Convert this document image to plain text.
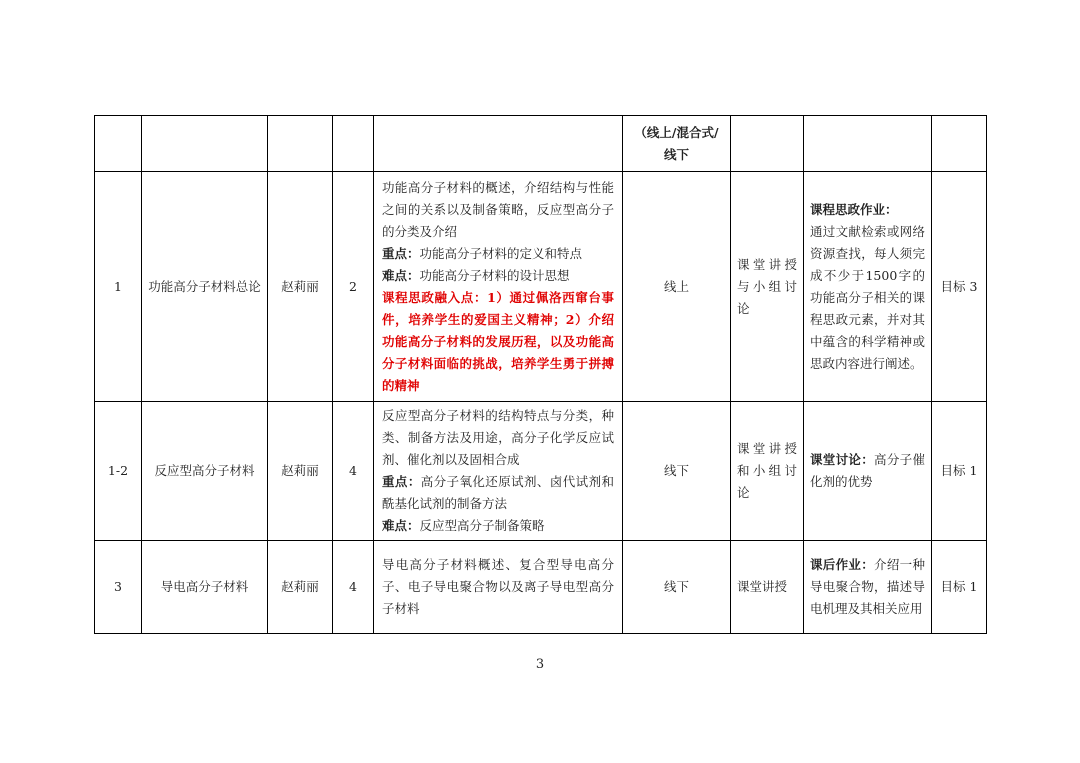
					（线上/混合式/线下			
1	功能高分子材料总论	赵莉丽	2	功能高分子材料的概述，介绍结构与性能之间的关系以及制备策略，反应型高分子的分类及介绍
重点：功能高分子材料的定义和特点
难点：功能高分子材料的设计思想
课程思政融入点：1）通过佩洛西窜台事件，培养学生的爱国主义精神；2）介绍功能高分子材料的发展历程，以及功能高分子材料面临的挑战，培养学生勇于拼搏的精神	线上	课堂讲授与小组讨论	课程思政作业：
通过文献检索或网络资源查找，每人须完成不少于1500字的功能高分子相关的课程思政元素，并对其中蕴含的科学精神或思政内容进行阐述。	目标 3
1-2	反应型高分子材料	赵莉丽	4	反应型高分子材料的结构特点与分类，种类、制备方法及用途，高分子化学反应试剂、催化剂以及固相合成
重点：高分子氧化还原试剂、卤代试剂和酰基化试剂的制备方法
难点：反应型高分子制备策略	线下	课堂讲授和小组讨论	课堂讨论：高分子催化剂的优势	目标 1
3	导电高分子材料	赵莉丽	4	导电高分子材料概述、复合型导电高分子、电子导电聚合物以及离子导电型高分子材料	线下	课堂讲授	课后作业：介绍一种导电聚合物，描述导电机理及其相关应用	目标 1
3
